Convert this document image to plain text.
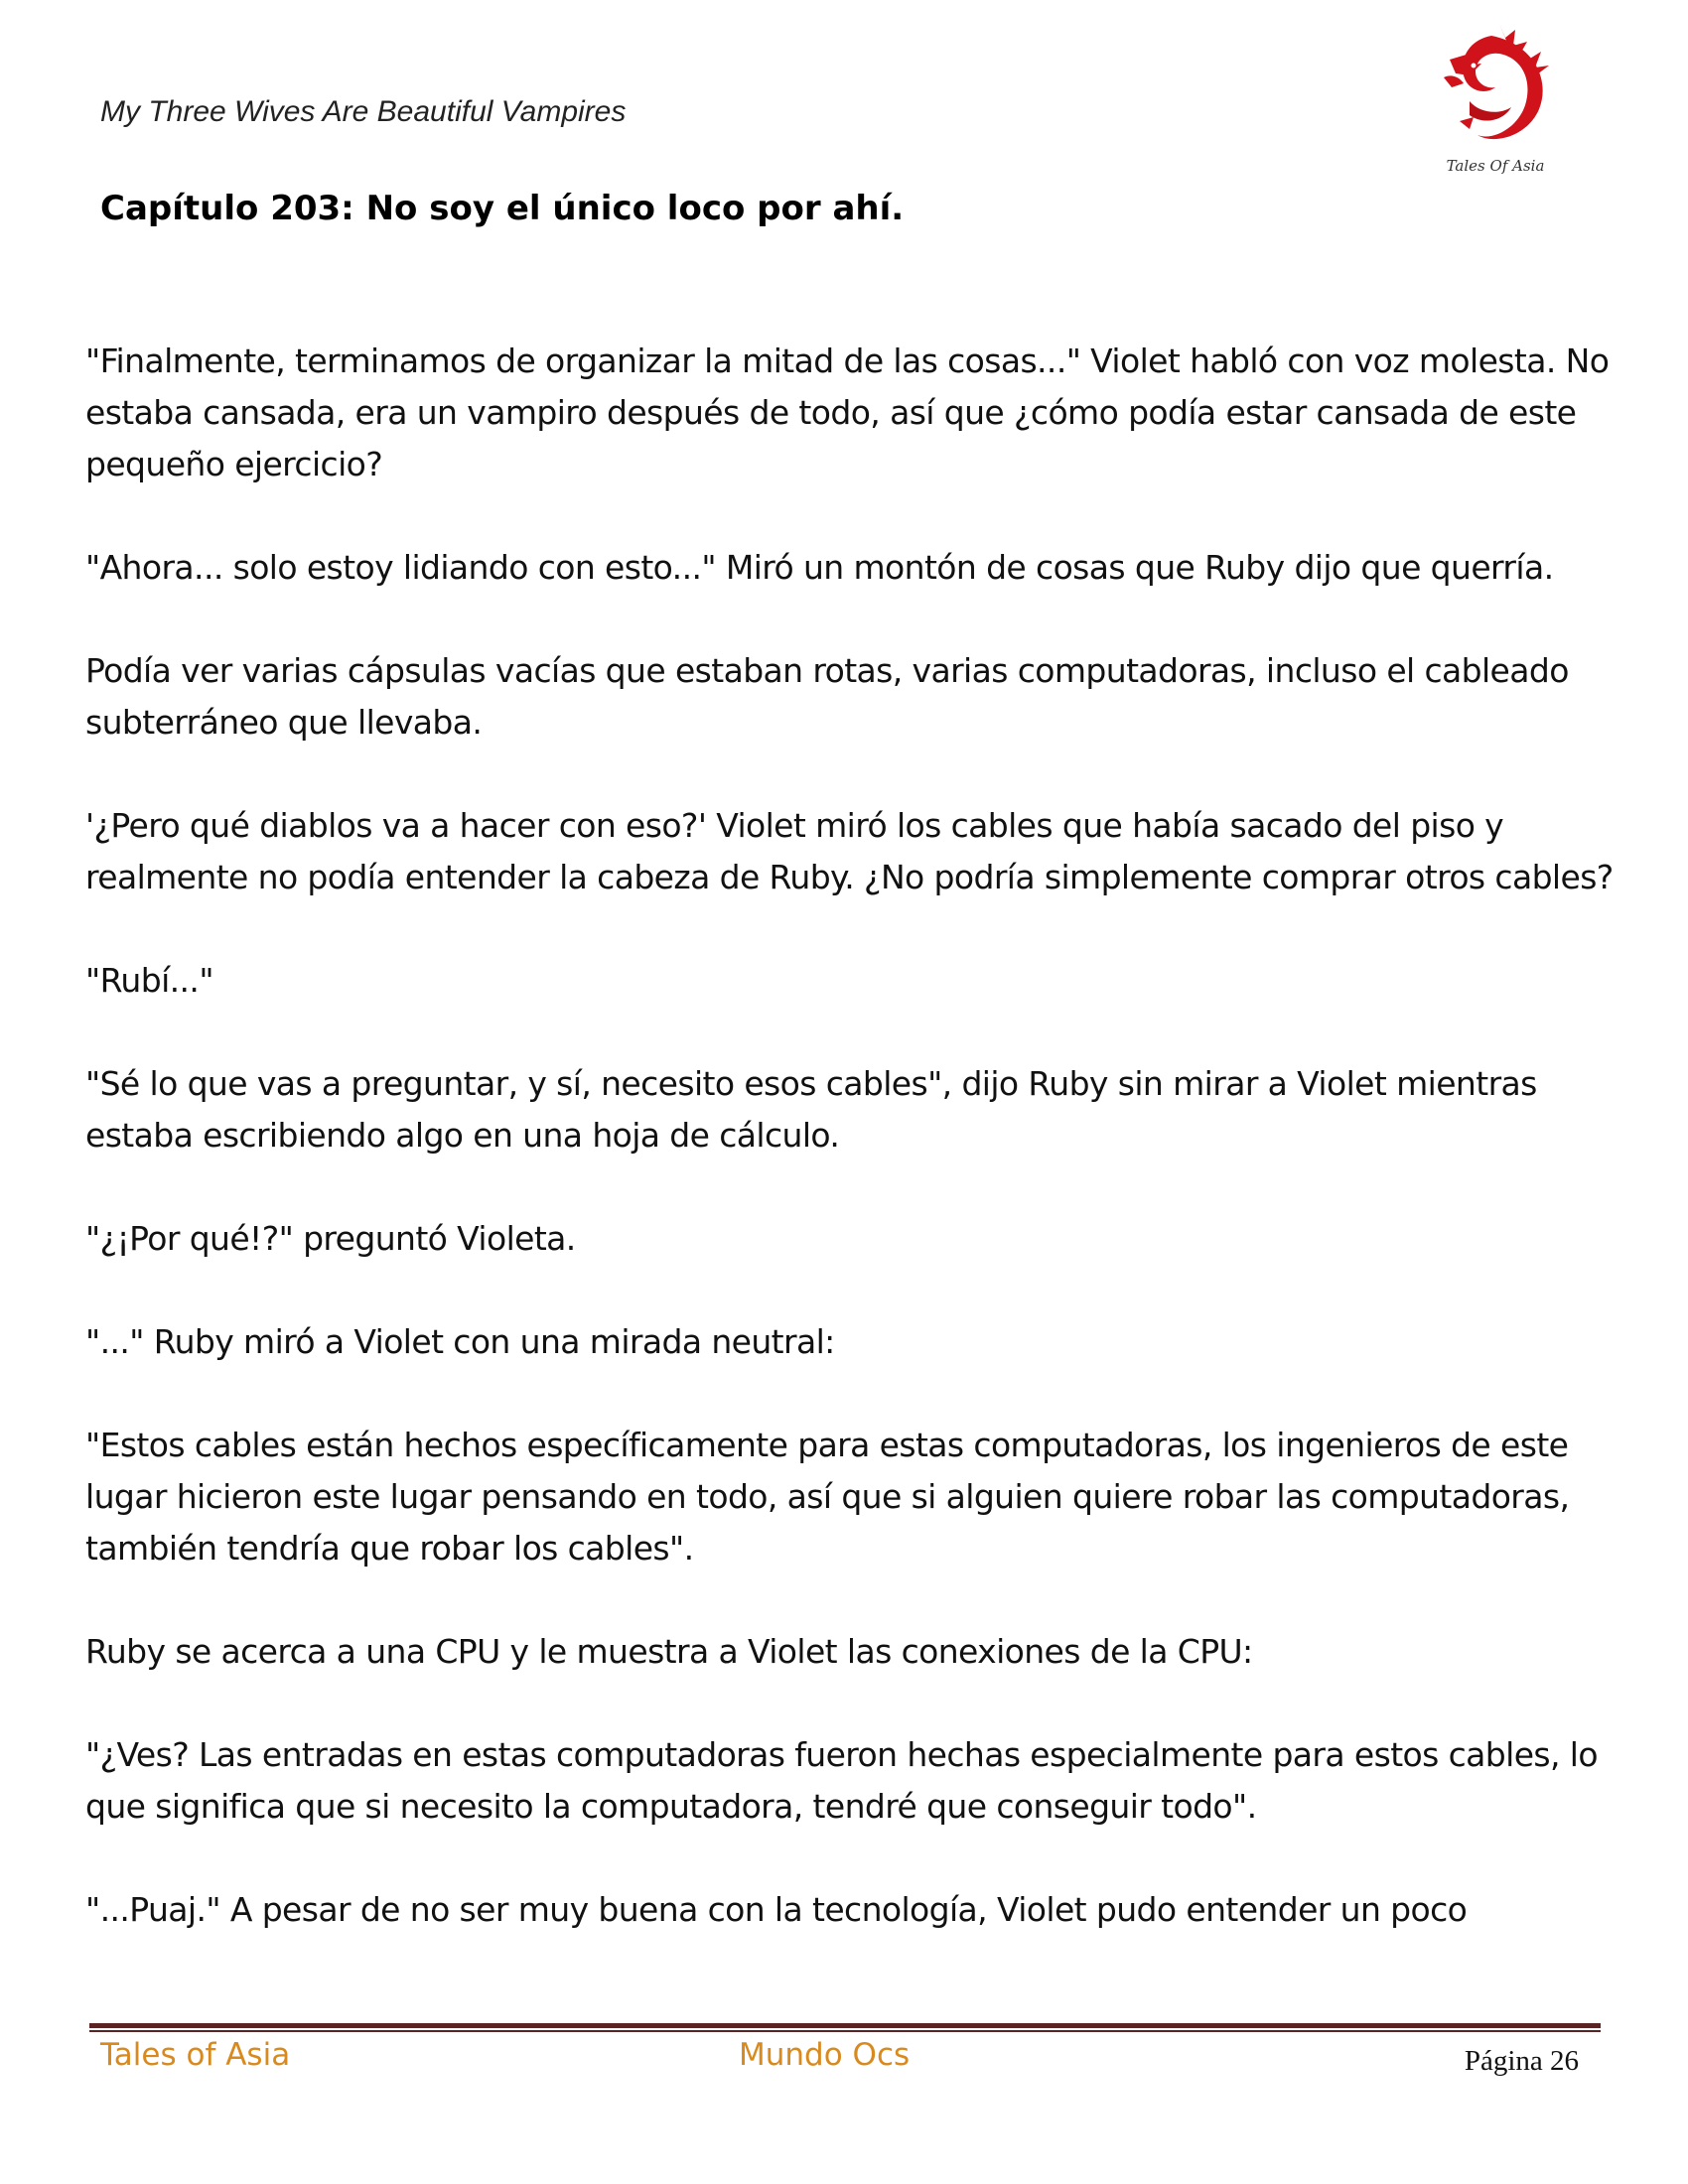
My Three Wives Are Beautiful Vampires
Tales Of Asia
Capítulo 203: No soy el único loco por ahí.

"Finalmente, terminamos de organizar la mitad de las cosas..." Violet habló con voz molesta. No estaba cansada, era un vampiro después de todo, así que ¿cómo podía estar cansada de este pequeño ejercicio?

"Ahora... solo estoy lidiando con esto..." Miró un montón de cosas que Ruby dijo que querría.

Podía ver varias cápsulas vacías que estaban rotas, varias computadoras, incluso el cableado subterráneo que llevaba.

'¿Pero qué diablos va a hacer con eso?' Violet miró los cables que había sacado del piso y realmente no podía entender la cabeza de Ruby. ¿No podría simplemente comprar otros cables?

"Rubí..."

"Sé lo que vas a preguntar, y sí, necesito esos cables", dijo Ruby sin mirar a Violet mientras estaba escribiendo algo en una hoja de cálculo.

"¿¡Por qué!?" preguntó Violeta.

"..." Ruby miró a Violet con una mirada neutral:

"Estos cables están hechos específicamente para estas computadoras, los ingenieros de este lugar hicieron este lugar pensando en todo, así que si alguien quiere robar las computadoras, también tendría que robar los cables".

Ruby se acerca a una CPU y le muestra a Violet las conexiones de la CPU:

"¿Ves? Las entradas en estas computadoras fueron hechas especialmente para estos cables, lo que significa que si necesito la computadora, tendré que conseguir todo".

"...Puaj." A pesar de no ser muy buena con la tecnología, Violet pudo entender un poco

Tales of Asia	Mundo Ocs	Página 26
